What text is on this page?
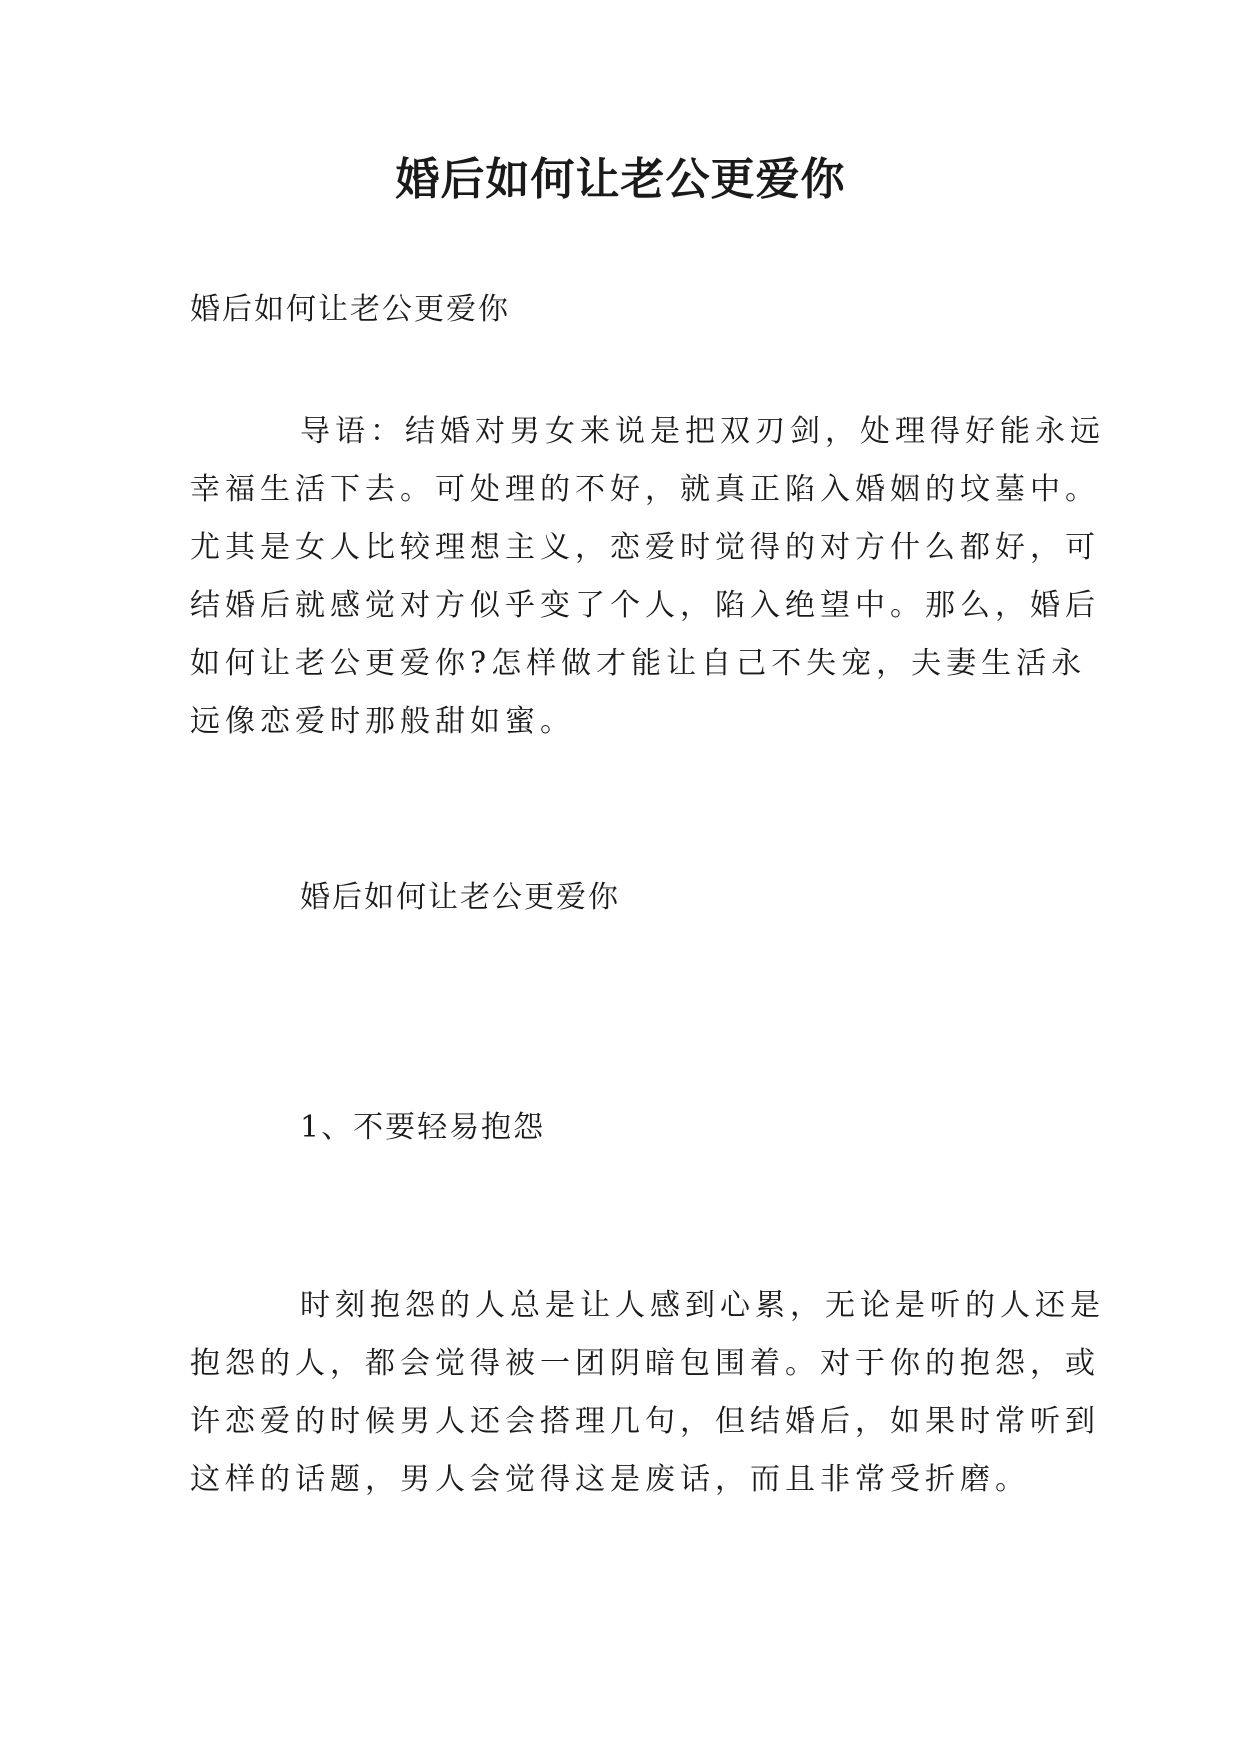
婚后如何让老公更爱你

婚后如何让老公更爱你

导语：结婚对男女来说是把双刃剑，处理得好能永远
幸福生活下去。可处理的不好，就真正陷入婚姻的坟墓中。
尤其是女人比较理想主义，恋爱时觉得的对方什么都好，可
结婚后就感觉对方似乎变了个人，陷入绝望中。那么，婚后
如何让老公更爱你?怎样做才能让自己不失宠，夫妻生活永
远像恋爱时那般甜如蜜。

婚后如何让老公更爱你

1、不要轻易抱怨

时刻抱怨的人总是让人感到心累，无论是听的人还是
抱怨的人，都会觉得被一团阴暗包围着。对于你的抱怨，或
许恋爱的时候男人还会搭理几句，但结婚后，如果时常听到
这样的话题，男人会觉得这是废话，而且非常受折磨。
